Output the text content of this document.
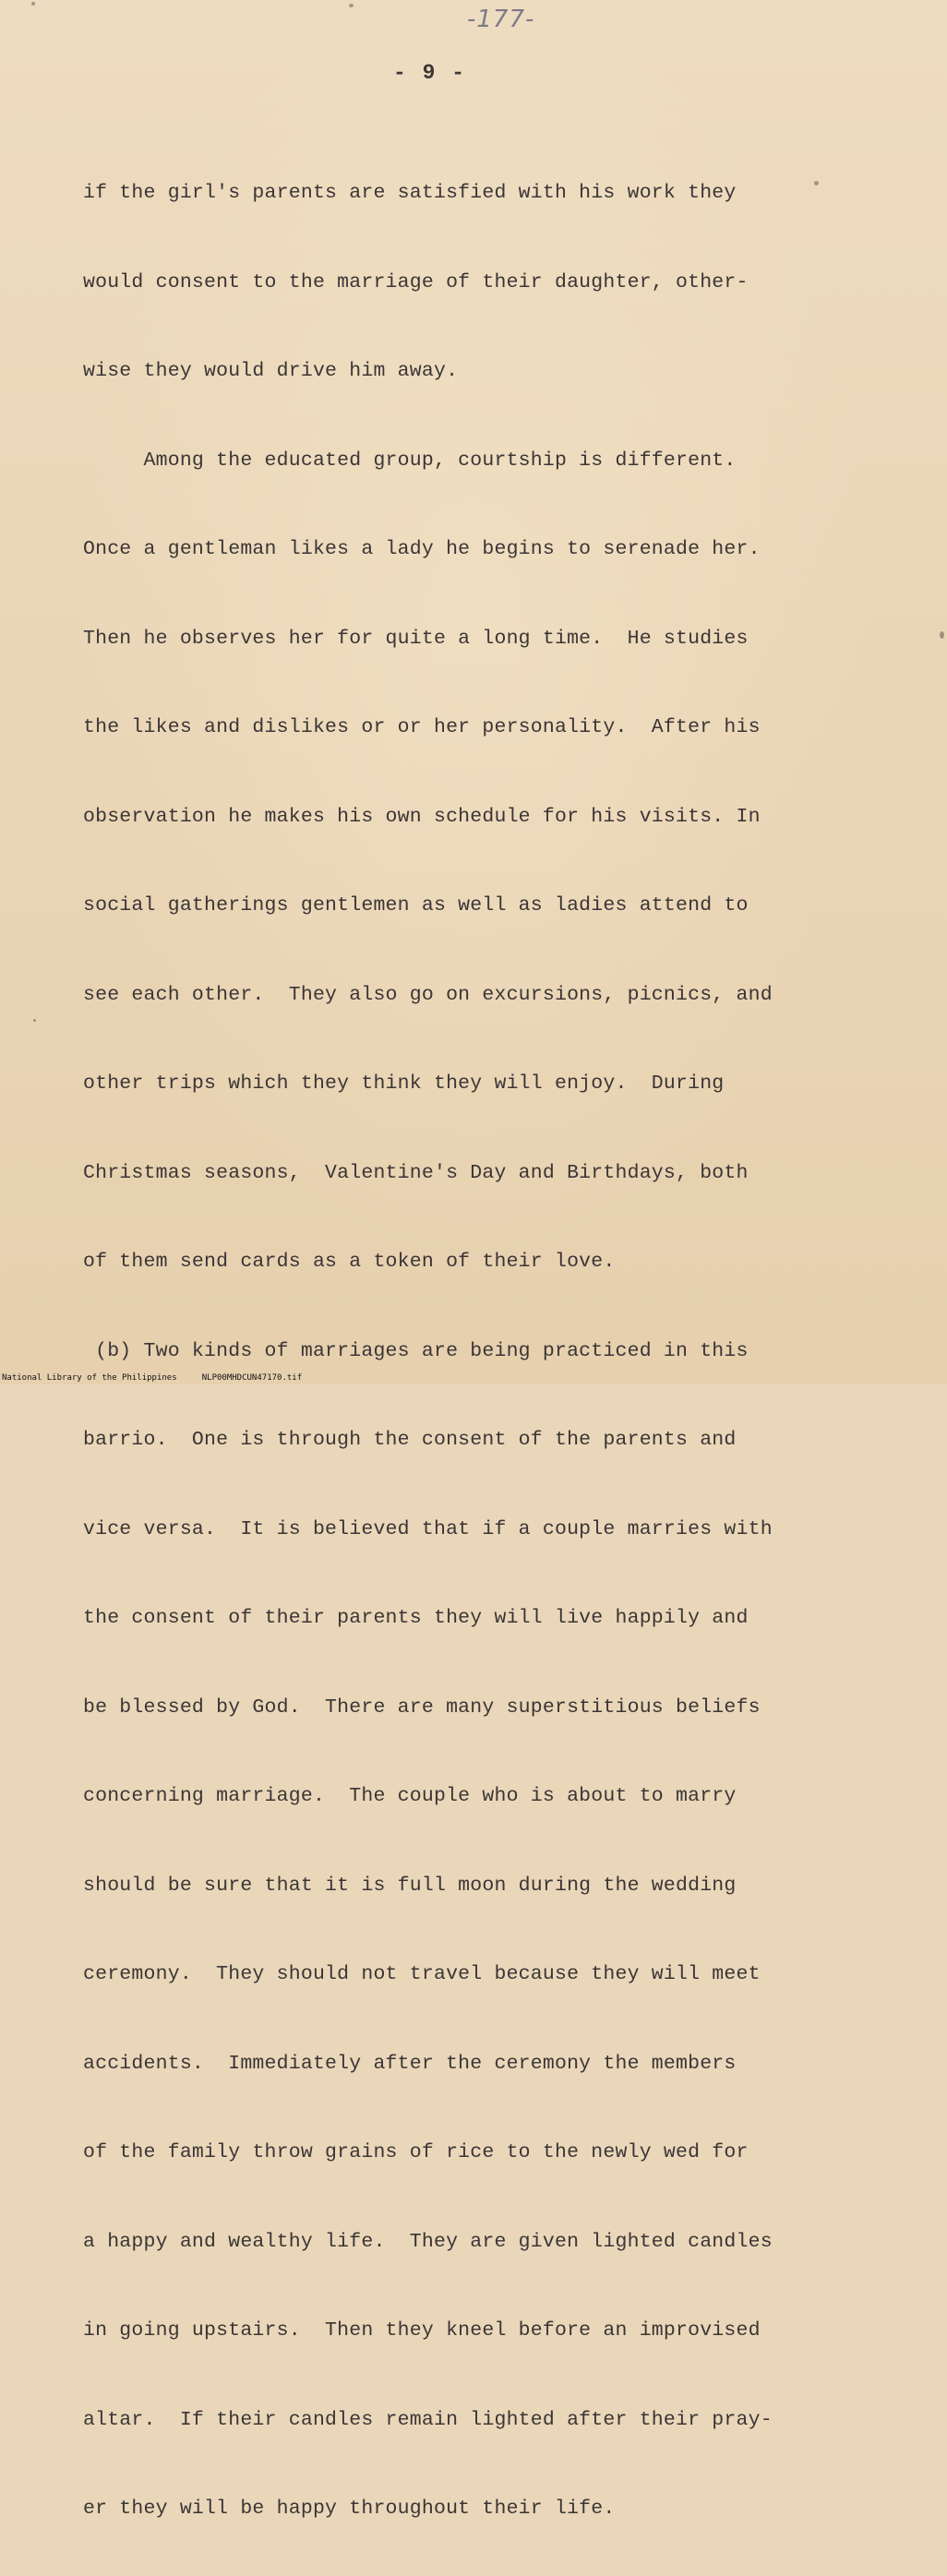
-177-
- 9 -

if the girl's parents are satisfied with his work they

would consent to the marriage of their daughter, other-

wise they would drive him away.

Among the educated group, courtship is different.

Once a gentleman likes a lady he begins to serenade her.

Then he observes her for quite a long time.  He studies

the likes and dislikes or or her personality.  After his

observation he makes his own schedule for his visits. In

social gatherings gentlemen as well as ladies attend to

see each other.  They also go on excursions, picnics, and

other trips which they think they will enjoy.  During

Christmas seasons,  Valentine's Day and Birthdays, both

of them send cards as a token of their love.

(b) Two kinds of marriages are being practiced in this

barrio.  One is through the consent of the parents and

vice versa.  It is believed that if a couple marries with

the consent of their parents they will live happily and

be blessed by God.  There are many superstitious beliefs

concerning marriage.  The couple who is about to marry

should be sure that it is full moon during the wedding

ceremony.  They should not travel because they will meet

accidents.  Immediately after the ceremony the members

of the family throw grains of rice to the newly wed for

a happy and wealthy life.  They are given lighted candles

in going upstairs.  Then they kneel before an improvised

altar.  If their candles remain lighted after their pray-

er they will be happy throughout their life.

National Library of the Philippines	NLP00MHDCUN47170.tif
